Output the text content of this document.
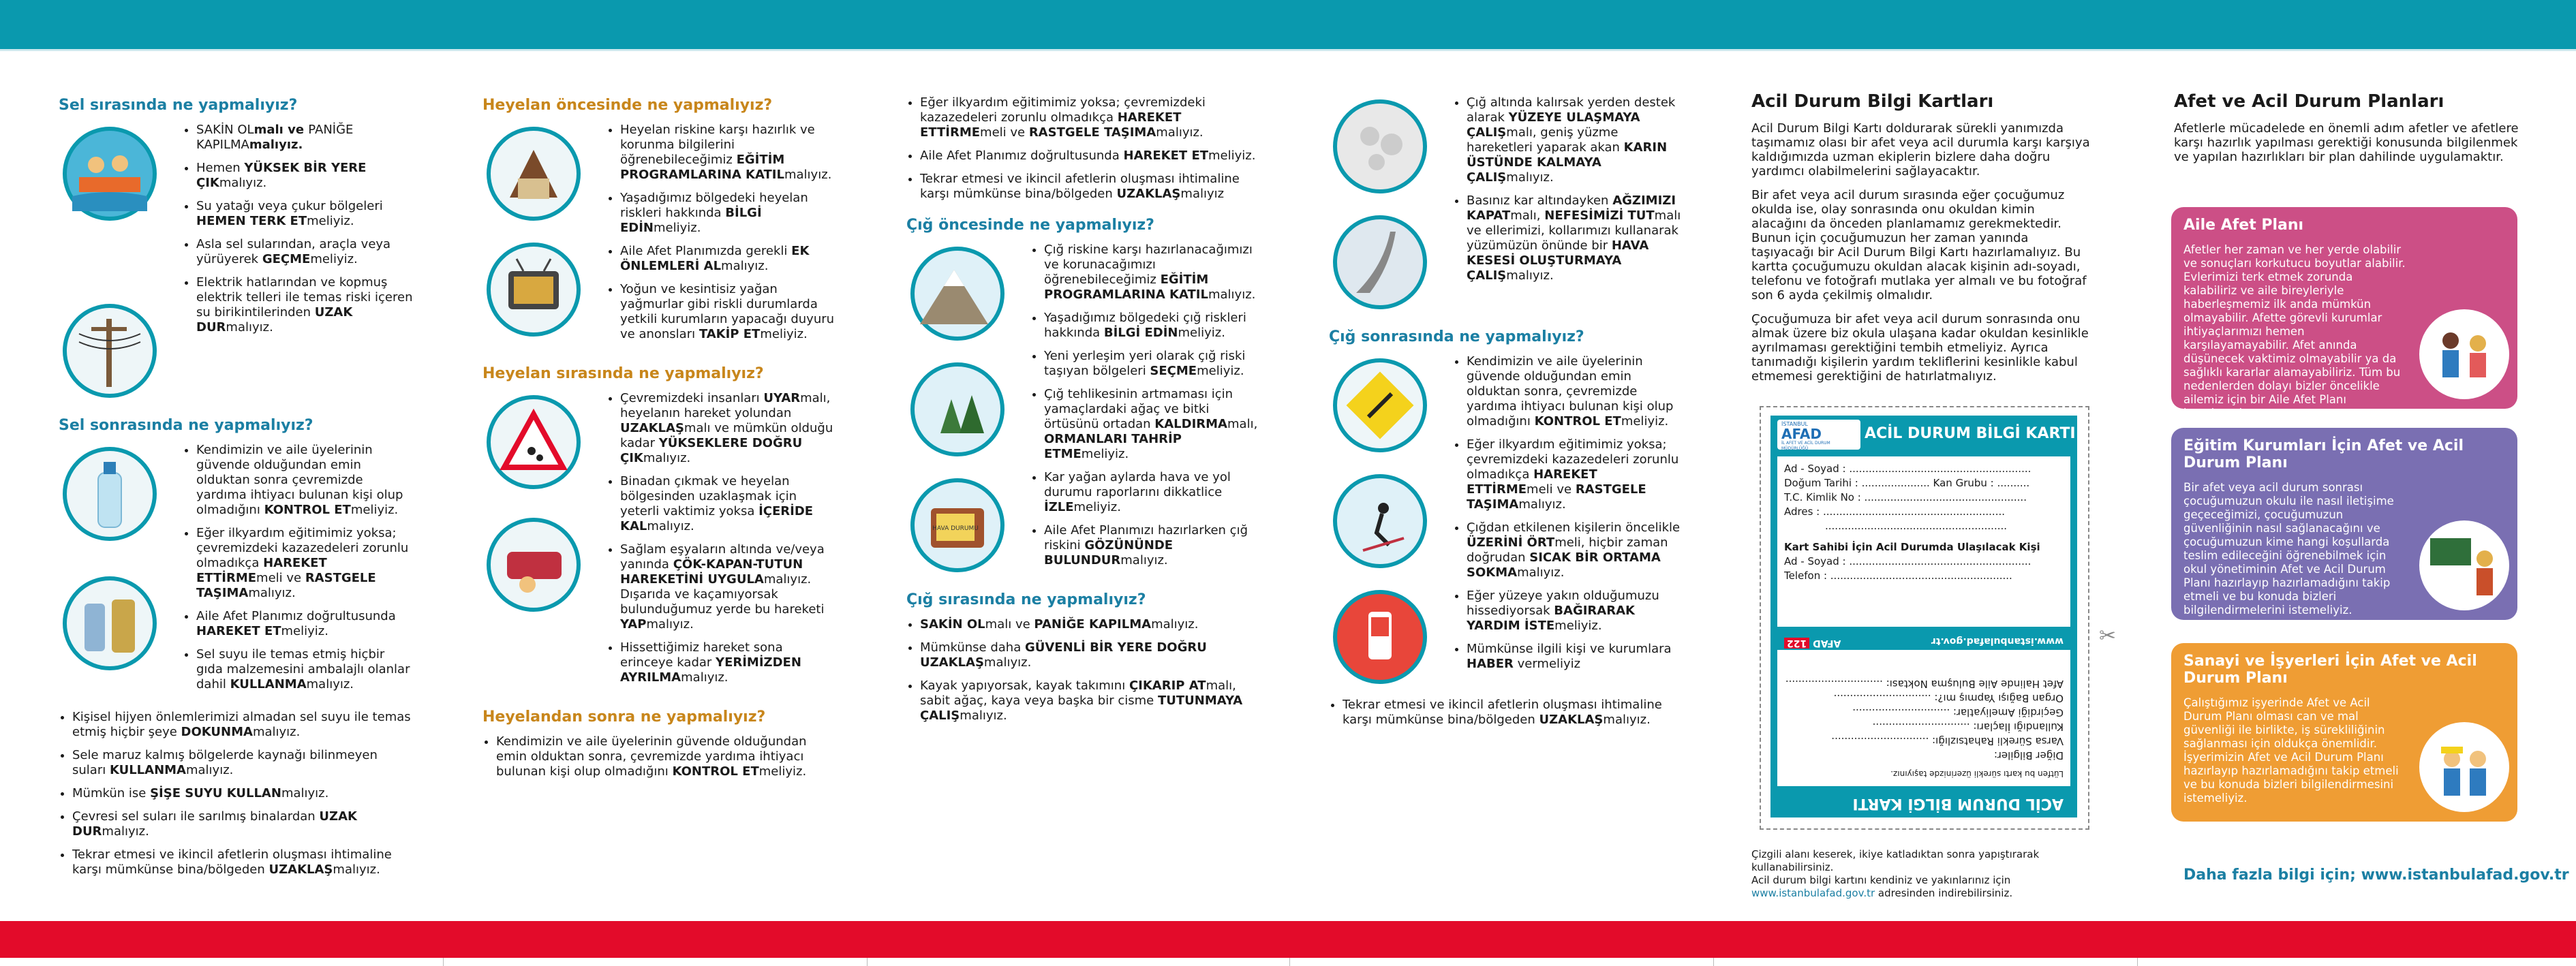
Sel sırasında ne yapmalıyız?
• SAKİN OLmalı ve PANİĞE KAPILMAmalıyız.
• Hemen YÜKSEK BİR YERE ÇIKmalıyız.
• Su yatağı veya çukur bölgeleri HEMEN TERK ETmeliyiz.
• Asla sel sularından, araçla veya yürüyerek GEÇMEmeliyiz.
• Elektrik hatlarından ve kopmuş elektrik telleri ile temas riski içeren su birikintilerinden UZAK DURmalıyız.
Sel sonrasında ne yapmalıyız?
• Kendimizin ve aile üyelerinin güvende olduğundan emin olduktan sonra çevremizde yardıma ihtiyacı bulunan kişi olup olmadığını KONTROL ETmeliyiz.
• Eğer ilkyardım eğitimimiz yoksa; çevremizdeki kazazedeleri zorunlu olmadıkça HAREKET ETTİRMEmeli ve RASTGELE TAŞIMAmalıyız.
• Aile Afet Planımız doğrultusunda HAREKET ETmeliyiz.
• Sel suyu ile temas etmiş hiçbir gıda malzemesini ambalajlı olanlar dahil KULLANMAmalıyız.
• Kişisel hijyen önlemlerimizi almadan sel suyu ile temas etmiş hiçbir şeye DOKUNMAmalıyız.
• Sele maruz kalmış bölgelerde kaynağı bilinmeyen suları KULLANMAmalıyız.
• Mümkün ise ŞİŞE SUYU KULLANmalıyız.
• Çevresi sel suları ile sarılmış binalardan UZAK DURmalıyız.
• Tekrar etmesi ve ikincil afetlerin oluşması ihtimaline karşı mümkünse bina/bölgeden UZAKLAŞmalıyız.
Heyelan öncesinde ne yapmalıyız?
• Heyelan riskine karşı hazırlık ve korunma bilgilerini öğrenebileceğimiz EĞİTİM PROGRAMLARINA KATILmalıyız.
• Yaşadığımız bölgedeki heyelan riskleri hakkında BİLGİ EDİNmeliyiz.
• Aile Afet Planımızda gerekli EK ÖNLEMLERİ ALmalıyız.
• Yoğun ve kesintisiz yağan yağmurlar gibi riskli durumlarda yetkili kurumların yapacağı duyuru ve anonsları TAKİP ETmeliyiz.
Heyelan sırasında ne yapmalıyız?
• Çevremizdeki insanları UYARmalı, heyelanın hareket yolundan UZAKLAŞmalı ve mümkün olduğu kadar YÜKSEKLERE DOĞRU ÇIKmalıyız.
• Binadan çıkmak ve heyelan bölgesinden uzaklaşmak için yeterli vaktimiz yoksa İÇERİDE KALmalıyız.
• Sağlam eşyaların altında ve/veya yanında ÇÖK-KAPAN-TUTUN HAREKETİNİ UYGULAmalıyız. Dışarıda ve kaçamıyorsak bulunduğumuz yerde bu hareketi YAPmalıyız.
• Hissettiğimiz hareket sona erinceye kadar YERİMİZDEN AYRILMAmalıyız.
Heyelandan sonra ne yapmalıyız?
• Kendimizin ve aile üyelerinin güvende olduğundan emin olduktan sonra, çevremizde yardıma ihtiyacı bulunan kişi olup olmadığını KONTROL ETmeliyiz.
• Eğer ilkyardım eğitimimiz yoksa; çevremizdeki kazazedeleri zorunlu olmadıkça HAREKET ETTİRMEmeli ve RASTGELE TAŞIMAmalıyız.
• Aile Afet Planımız doğrultusunda HAREKET ETmeliyiz.
• Tekrar etmesi ve ikincil afetlerin oluşması ihtimaline karşı mümkünse bina/bölgeden UZAKLAŞmalıyız
Çığ öncesinde ne yapmalıyız?
HAVA DURUMU
• Çığ riskine karşı hazırlanacağımızı ve korunacağımızı öğrenebileceğimiz EĞİTİM PROGRAMLARINA KATILmalıyız.
• Yaşadığımız bölgedeki çığ riskleri hakkında BİLGİ EDİNmeliyiz.
• Yeni yerleşim yeri olarak çığ riski taşıyan bölgeleri SEÇMEmeliyiz.
• Çığ tehlikesinin artmaması için yamaçlardaki ağaç ve bitki örtüsünü ortadan KALDIRMAmalı, ORMANLARI TAHRİP ETMEmeliyiz.
• Kar yağan aylarda hava ve yol durumu raporlarını dikkatlice İZLEmeliyiz.
• Aile Afet Planımızı hazırlarken çığ riskini GÖZÜNÜNDE BULUNDURmalıyız.
Çığ sırasında ne yapmalıyız?
• SAKİN OLmalı ve PANİĞE KAPILMAmalıyız.
• Mümkünse daha GÜVENLİ BİR YERE DOĞRU UZAKLAŞmalıyız.
• Kayak yapıyorsak, kayak takımını ÇIKARIP ATmalı, sabit ağaç, kaya veya başka bir cisme TUTUNMAYA ÇALIŞmalıyız.
• Çığ altında kalırsak yerden destek alarak YÜZEYE ULAŞMAYA ÇALIŞmalı, geniş yüzme hareketleri yaparak akan KARIN ÜSTÜNDE KALMAYA ÇALIŞmalıyız.
• Basınız kar altındayken AĞZIMIZI KAPATmalı, NEFESİMİZİ TUTmalı ve ellerimizi, kollarımızı kullanarak yüzümüzün önünde bir HAVA KESESİ OLUŞTURMAYA ÇALIŞmalıyız.
Çığ sonrasında ne yapmalıyız?
• Kendimizin ve aile üyelerinin güvende olduğundan emin olduktan sonra, çevremizde yardıma ihtiyacı bulunan kişi olup olmadığını KONTROL ETmeliyiz.
• Eğer ilkyardım eğitimimiz yoksa; çevremizdeki kazazedeleri zorunlu olmadıkça HAREKET ETTİRMEmeli ve RASTGELE TAŞIMAmalıyız.
• Çığdan etkilenen kişilerin öncelikle ÜZERİNİ ÖRTmeli, hiçbir zaman doğrudan SICAK BİR ORTAMA SOKMAmalıyız.
• Eğer yüzeye yakın olduğumuzu hissediyorsak BAĞIRARAK YARDIM İSTEmeliyiz.
• Mümkünse ilgili kişi ve kurumlara HABER vermeliyiz
• Tekrar etmesi ve ikincil afetlerin oluşması ihtimaline karşı mümkünse bina/bölgeden UZAKLAŞmalıyız.
Acil Durum Bilgi Kartları

Acil Durum Bilgi Kartı doldurarak sürekli yanımızda taşımamız olası bir afet veya acil durumla karşı karşıya kaldığımızda uzman ekiplerin bizlere daha doğru yardımcı olabilmelerini sağlayacaktır.

Bir afet veya acil durum sırasında eğer çocuğumuz okulda ise, olay sonrasında onu okuldan kimin alacağını da önceden planlamamız gerekmektedir. Bunun için çocuğumuzun her zaman yanında taşıyacağı bir Acil Durum Bilgi Kartı hazırlamalıyız. Bu kartta çocuğumuzu okuldan alacak kişinin adı-soyadı, telefonu ve fotoğrafı mutlaka yer almalı ve bu fotoğraf son 6 ayda çekilmiş olmalıdır.

Çocuğumuza bir afet veya acil durum sonrasında onu almak üzere biz okula ulaşana kadar okuldan kesinlikle ayrılmaması gerektiğini tembih etmeliyiz. Ayrıca tanımadığı kişilerin yardım tekliflerini kesinlikle kabul etmemesi gerektiğini de hatırlatmalıyız.

İSTANBUL
AFAD
İL AFET VE ACİL DURUM MÜDÜRLÜĞÜ
ACİL DURUM BİLGİ KARTI
Ad - Soyad : ........................................................
Doğum Tarihi : ..................... Kan Grubu : ..........
T.C. Kimlik No : ..................................................
Adres : ........................................................
........................................................
Kart Sahibi İçin Acil Durumda Ulaşılacak Kişi
Ad - Soyad : ........................................................
Telefon : ........................................................
www.istanbulafad.gov.tr
AFAD 122
Lütfen bu kartı sürekli üzerinizde taşıyınız.
Diğer Bilgiler:
Varsa Sürekli Rahatsızlığı: ..............................
Kullandığı İlaçları: ..............................
Geçirdiği Ameliyatlar: ..............................
Organ Bağışı Yapmış mı?: ..............................
Afet Halinde Aile Buluşma Noktası: ..............................
ACİL DURUM BİLGİ KARTI
✂
Çizgili alanı keserek, ikiye katladıktan sonra yapıştırarak kullanabilirsiniz.
Acil durum bilgi kartını kendiniz ve yakınlarınız için
www.istanbulafad.gov.tr adresinden indirebilirsiniz.
Afet ve Acil Durum Planları

Afetlerle mücadelede en önemli adım afetler ve afetlere karşı hazırlık yapılması gerektiği konusunda bilgilenmek ve yapılan hazırlıkları bir plan dahilinde uygulamaktır.

Aile Afet Planı

Afetler her zaman ve her yerde olabilir ve sonuçları korkutucu boyutlar alabilir. Evlerimizi terk etmek zorunda kalabiliriz ve aile bireyleriyle haberleşmemiz ilk anda mümkün olmayabilir. Afette görevli kurumlar ihtiyaçlarımızı hemen karşılayamayabilir. Afet anında düşünecek vaktimiz olmayabilir ya da sağlıklı kararlar alamayabiliriz. Tüm bu nedenlerden dolayı bizler öncelikle ailemiz için bir Aile Afet Planı hazırlamalıyız.

Eğitim Kurumları İçin Afet ve Acil Durum Planı

Bir afet veya acil durum sonrası çocuğumuzun okulu ile nasıl iletişime geçeceğimizi, çocuğumuzun güvenliğinin nasıl sağlanacağını ve çocuğumuzun kime hangi koşullarda teslim edileceğini öğrenebilmek için okul yönetiminin Afet ve Acil Durum Planı hazırlayıp hazırlamadığını takip etmeli ve bu konuda bizleri bilgilendirmelerini istemeliyiz.

Sanayi ve İşyerleri İçin Afet ve Acil Durum Planı

Çalıştığımız işyerinde Afet ve Acil Durum Planı olması can ve mal güvenliği ile birlikte, iş sürekliliğinin sağlanması için oldukça önemlidir. İşyerimizin Afet ve Acil Durum Planı hazırlayıp hazırlamadığını takip etmeli ve bu konuda bizleri bilgilendirmesini istemeliyiz.

Daha fazla bilgi için; www.istanbulafad.gov.tr
